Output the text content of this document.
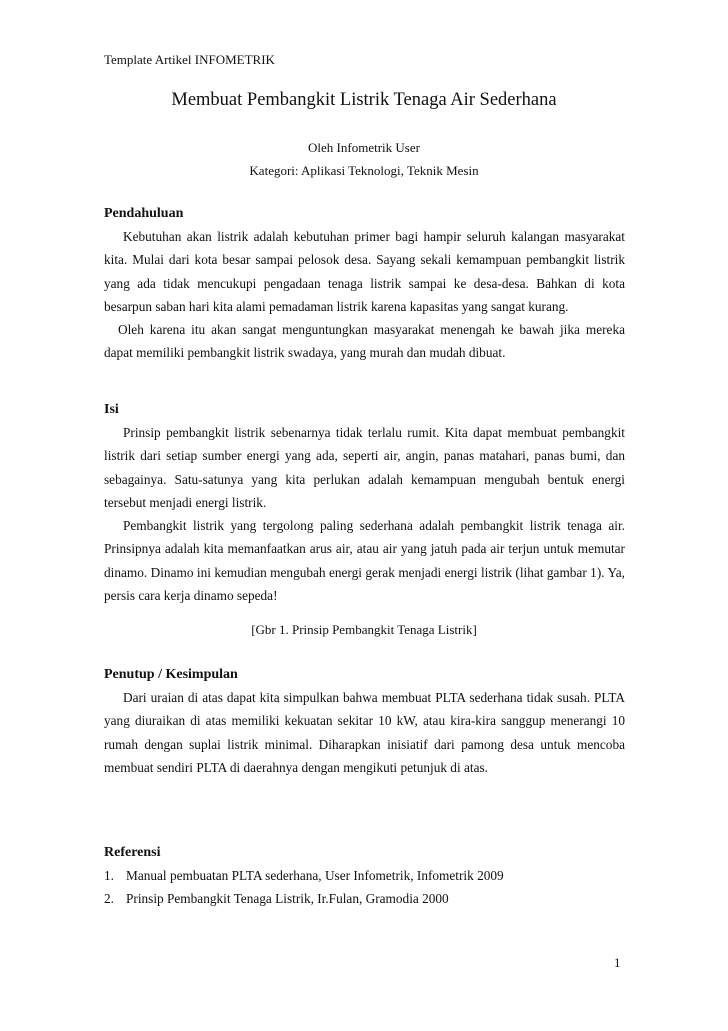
Template Artikel INFOMETRIK
Membuat Pembangkit Listrik Tenaga Air Sederhana
Oleh Infometrik User
Kategori: Aplikasi Teknologi, Teknik Mesin

Pendahuluan

Kebutuhan akan listrik adalah kebutuhan primer bagi hampir seluruh kalangan masyarakat kita. Mulai dari kota besar sampai pelosok desa. Sayang sekali kemampuan pembangkit listrik yang ada tidak mencukupi pengadaan tenaga listrik sampai ke desa-desa. Bahkan di kota besarpun saban hari kita alami pemadaman listrik karena kapasitas yang sangat kurang.

Oleh karena itu akan sangat menguntungkan masyarakat menengah ke bawah jika mereka dapat memiliki pembangkit listrik swadaya, yang murah dan mudah dibuat.

Isi

Prinsip pembangkit listrik sebenarnya tidak terlalu rumit. Kita dapat membuat pembangkit listrik dari setiap sumber energi yang ada, seperti air, angin, panas matahari, panas bumi, dan sebagainya. Satu-satunya yang kita perlukan adalah kemampuan mengubah bentuk energi tersebut menjadi energi listrik.

Pembangkit listrik yang tergolong paling sederhana adalah pembangkit listrik tenaga air. Prinsipnya adalah kita memanfaatkan arus air, atau air yang jatuh pada air terjun untuk memutar dinamo. Dinamo ini kemudian mengubah energi gerak menjadi energi listrik (lihat gambar 1). Ya, persis cara kerja dinamo sepeda!

[Gbr 1. Prinsip Pembangkit Tenaga Listrik]

Penutup / Kesimpulan

Dari uraian di atas dapat kita simpulkan bahwa membuat PLTA sederhana tidak susah. PLTA yang diuraikan di atas memiliki kekuatan sekitar 10 kW, atau kira-kira sanggup menerangi 10 rumah dengan suplai listrik minimal. Diharapkan inisiatif dari pamong desa untuk mencoba membuat sendiri PLTA di daerahnya dengan mengikuti petunjuk di atas.

Referensi

1. Manual pembuatan PLTA sederhana, User Infometrik, Infometrik 2009
2. Prinsip Pembangkit Tenaga Listrik, Ir.Fulan, Gramodia 2000
1
